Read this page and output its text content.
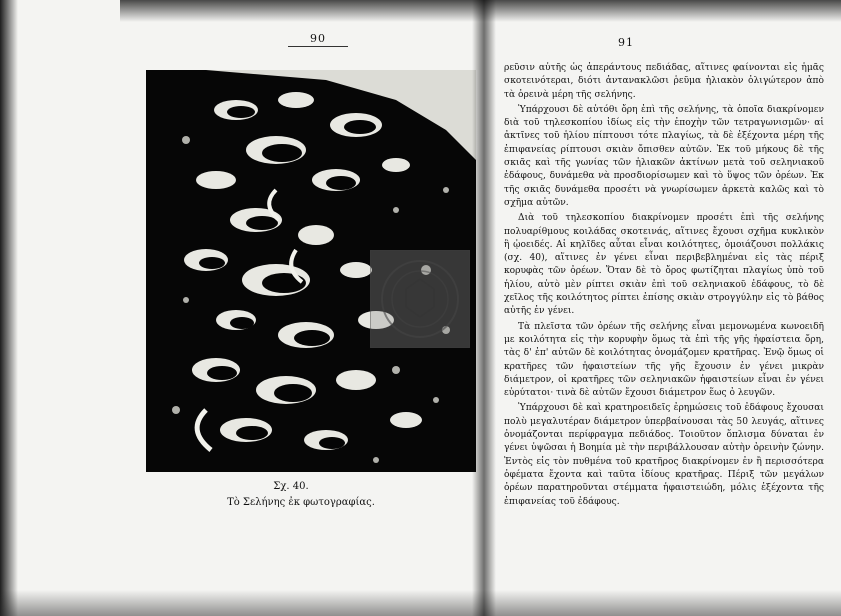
90
Σχ. 40.
Τὸ Σελήνης ἐκ φωτογραφίας.
91

ρεῦσιν αὐτῆς ὡς ἀπεράντους πεδιάδας, αἵτινες φαίνονται εἰς ἡμᾶς σκοτεινότεραι, διότι ἀντανακλῶσι ῥεῦμα ἡλιακὸν ὀλιγώτερον ἀπὸ τὰ ὀρεινὰ μέρη τῆς σελήνης.

Ὑπάρχουσι δὲ αὐτόθι ὄρη ἐπὶ τῆς σελήνης, τὰ ὁποῖα διακρίνομεν διὰ τοῦ τηλεσκοπίου ἰδίως εἰς τὴν ἐποχὴν τῶν τετραγωνισμῶν· αἱ ἀκτῖνες τοῦ ἡλίου πίπτουσι τότε πλαγίως, τὰ δὲ ἐξέχοντα μέρη τῆς ἐπιφανείας ρίπτουσι σκιὰν ὄπισθεν αὐτῶν. Ἐκ τοῦ μήκους δὲ τῆς σκιᾶς καὶ τῆς γωνίας τῶν ἡλιακῶν ἀκτίνων μετὰ τοῦ σεληνιακοῦ ἐδάφους, δυνάμεθα νὰ προσδιορίσωμεν καὶ τὸ ὕψος τῶν ὀρέων. Ἐκ τῆς σκιᾶς δυνάμεθα προσέτι νὰ γνωρίσωμεν ἀρκετὰ καλῶς καὶ τὸ σχῆμα αὐτῶν.

Διὰ τοῦ τηλεσκοπίου διακρίνομεν προσέτι ἐπὶ τῆς σελήνης πολυαρίθμους κοιλάδας σκοτεινάς, αἵτινες ἔχουσι σχῆμα κυκλικὸν ἢ ᾠοειδές. Αἱ κηλῖδες αὗται εἶναι κοιλότητες, ὁμοιάζουσι πολλάκις (σχ. 40), αἵτινες ἐν γένει εἶναι περιβεβλημέναι εἰς τὰς πέριξ κορυφὰς τῶν ὀρέων. Ὅταν δὲ τὸ ὄρος φωτίζηται πλαγίως ὑπὸ τοῦ ἡλίου, αὐτὸ μὲν ρίπτει σκιὰν ἐπὶ τοῦ σεληνιακοῦ ἐδάφους, τὸ δὲ χεῖλος τῆς κοιλότητος ρίπτει ἐπίσης σκιὰν στρογγύλην εἰς τὸ βάθος αὐτῆς ἐν γένει.

Τὰ πλεῖστα τῶν ὀρέων τῆς σελήνης εἶναι μεμονωμένα κωνοειδῆ με κοιλότητα εἰς τὴν κορυφὴν ὅμως τὰ ἐπὶ τῆς γῆς ἡφαίστεια ὄρη, τὰς δ' ἐπ' αὐτῶν δὲ κοιλότητας ὀνομάζομεν κρατῆρας. Ἐνῷ ὅμως οἱ κρατῆρες τῶν ἡφαιστείων τῆς γῆς ἔχουσιν ἐν γένει μικρὰν διάμετρον, οἱ κρατῆρες τῶν σεληνιακῶν ἡφαιστείων εἶναι ἐν γένει εὐρύτατοι· τινὰ δὲ αὐτῶν ἔχουσι διάμετρον ἕως ὀ λευγῶν.

Ὑπάρχουσι δὲ καὶ κρατηροειδεῖς ἐρημώσεις τοῦ ἐδάφους ἔχουσαι πολὺ μεγαλυτέραν διάμετρον ὑπερβαίνουσαι τὰς 50 λευγάς, αἵτινες ὀνομάζονται περίφραγμα πεδιάδος. Τοιοῦτον ὅπλισμα δύναται ἐν γένει ὑψῶσαι ἡ Βοημία μὲ τὴν περιβάλλουσαν αὐτὴν ὀρεινὴν ζώνην. Ἐντὸς εἰς τὸν πυθμένα τοῦ κρατῆρος διακρίνομεν ἐν ἢ περισσότερα ὀφέματα ἔχοντα καὶ ταῦτα ἰδίους κρατῆρας. Πέριξ τῶν μεγάλων ὀρέων παρατηροῦνται στέμματα ἡφαιστειώδη, μόλις ἐξέχοντα τῆς ἐπιφανείας τοῦ ἐδάφους.
